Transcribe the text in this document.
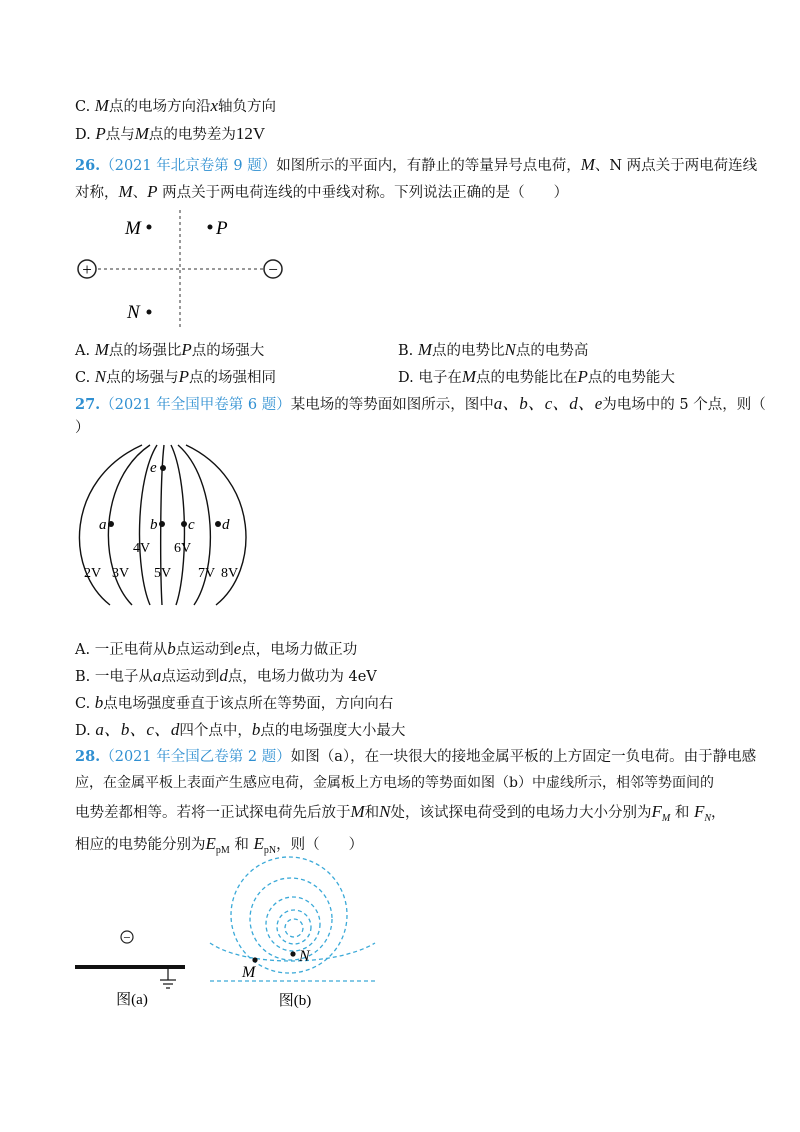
C. M点的电场方向沿x轴负方向
D. P点与M点的电势差为12V
26.（2021 年北京卷第 9 题）如图所示的平面内，有静止的等量异号点电荷，M、N 两点关于两电荷连线
对称，M、P 两点关于两电荷连线的中垂线对称。下列说法正确的是（　　）
+	−
M	P
N
A. M点的场强比P点的场强大	B. M点的电势比N点的电势高
C. N点的场强与P点的场强相同	D. 电子在M点的电势能比在P点的电势能大
27.（2021 年全国甲卷第 6 题）某电场的等势面如图所示，图中a、b、c、d、e为电场中的 5 个点，则（
）
e
a	b c d
4V 6V
2V 3V 5V 7V 8V
A. 一正电荷从b点运动到e点，电场力做正功
B. 一电子从a点运动到d点，电场力做功为 4eV
C. b点电场强度垂直于该点所在等势面，方向向右
D. a、b、c、d四个点中，b点的电场强度大小最大
28.（2021 年全国乙卷第 2 题）如图（a），在一块很大的接地金属平板的上方固定一负电荷。由于静电感
应，在金属平板上表面产生感应电荷，金属板上方电场的等势面如图（b）中虚线所示，相邻等势面间的
电势差都相等。若将一正试探电荷先后放于M和N处，该试探电荷受到的电场力大小分别为$F_M$ 和 $F_N$，
相应的电势能分别为$E_{pM}$ 和 $E_{pN}$，则（　　）
−
图(a)
M
N
图(b)
